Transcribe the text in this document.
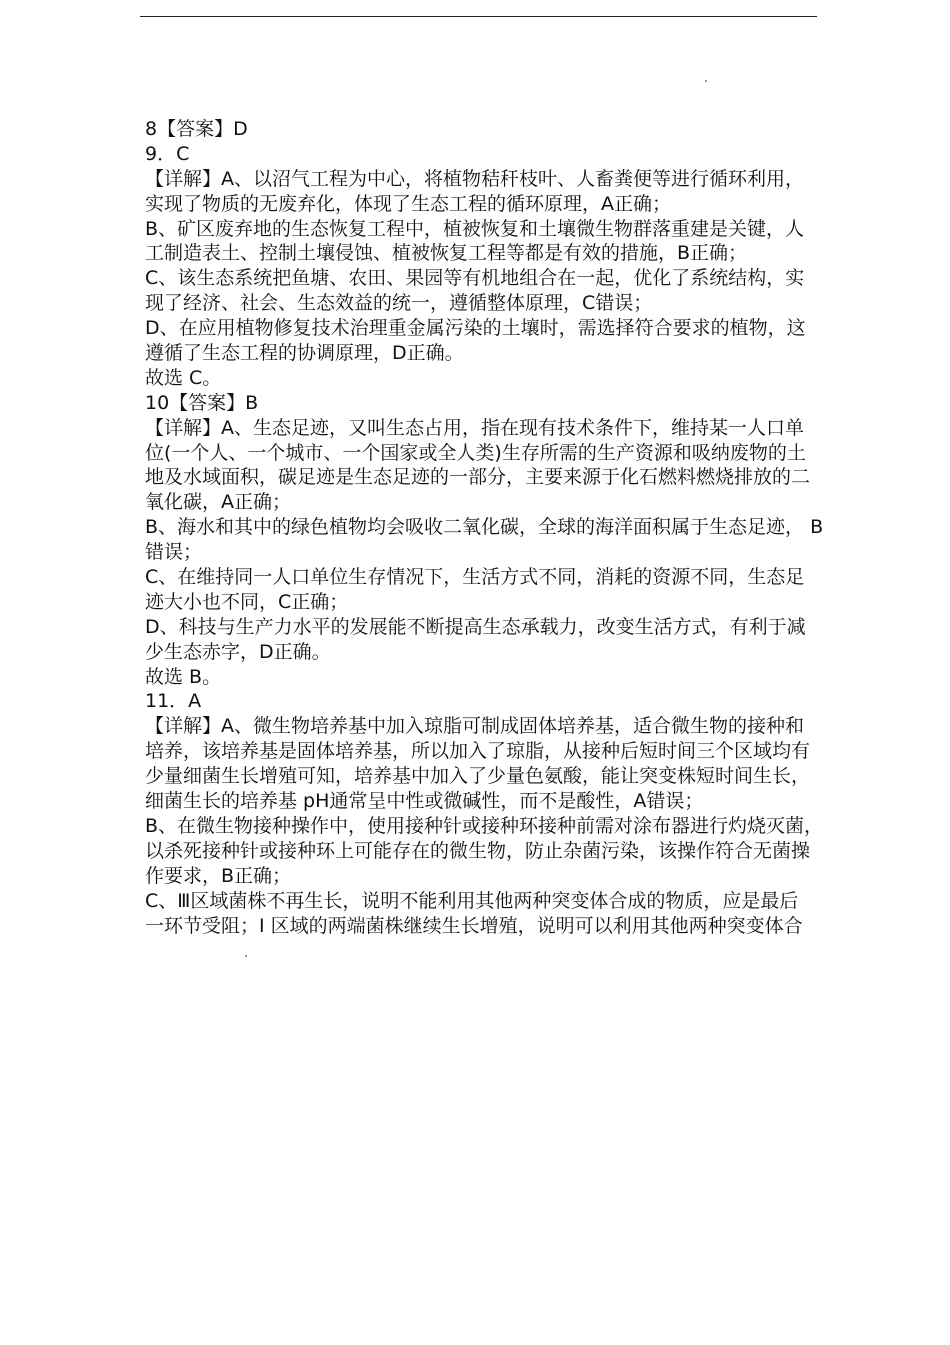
8【答案】D
9．C
【详解】A、以沼气工程为中心，将植物秸秆枝叶、人畜粪便等进行循环利用，
实现了物质的无废弃化，体现了生态工程的循环原理，A正确；
B、矿区废弃地的生态恢复工程中，植被恢复和土壤微生物群落重建是关键，人
工制造表土、控制土壤侵蚀、植被恢复工程等都是有效的措施，B正确；
C、该生态系统把鱼塘、农田、果园等有机地组合在一起，优化了系统结构，实
现了经济、社会、生态效益的统一，遵循整体原理，C错误；
D、在应用植物修复技术治理重金属污染的土壤时，需选择符合要求的植物，这
遵循了生态工程的协调原理，D正确。
故选 C。
10【答案】B
【详解】A、生态足迹，又叫生态占用，指在现有技术条件下，维持某一人口单
位(一个人、一个城市、一个国家或全人类)生存所需的生产资源和吸纳废物的土
地及水域面积，碳足迹是生态足迹的一部分，主要来源于化石燃料燃烧排放的二
氧化碳，A正确；
B、海水和其中的绿色植物均会吸收二氧化碳，全球的海洋面积属于生态足迹， B
错误；
C、在维持同一人口单位生存情况下，生活方式不同，消耗的资源不同，生态足
迹大小也不同，C正确；
D、科技与生产力水平的发展能不断提高生态承载力，改变生活方式，有利于减
少生态赤字，D正确。
故选 B。
11．A
【详解】A、微生物培养基中加入琼脂可制成固体培养基，适合微生物的接种和
培养，该培养基是固体培养基，所以加入了琼脂，从接种后短时间三个区域均有
少量细菌生长增殖可知，培养基中加入了少量色氨酸，能让突变株短时间生长，
细菌生长的培养基 pH通常呈中性或微碱性，而不是酸性，A错误；
B、在微生物接种操作中，使用接种针或接种环接种前需对涂布器进行灼烧灭菌，
以杀死接种针或接种环上可能存在的微生物，防止杂菌污染，该操作符合无菌操
作要求，B正确；
C、Ⅲ区域菌株不再生长，说明不能利用其他两种突变体合成的物质，应是最后
一环节受阻；Ⅰ 区域的两端菌株继续生长增殖，说明可以利用其他两种突变体合
